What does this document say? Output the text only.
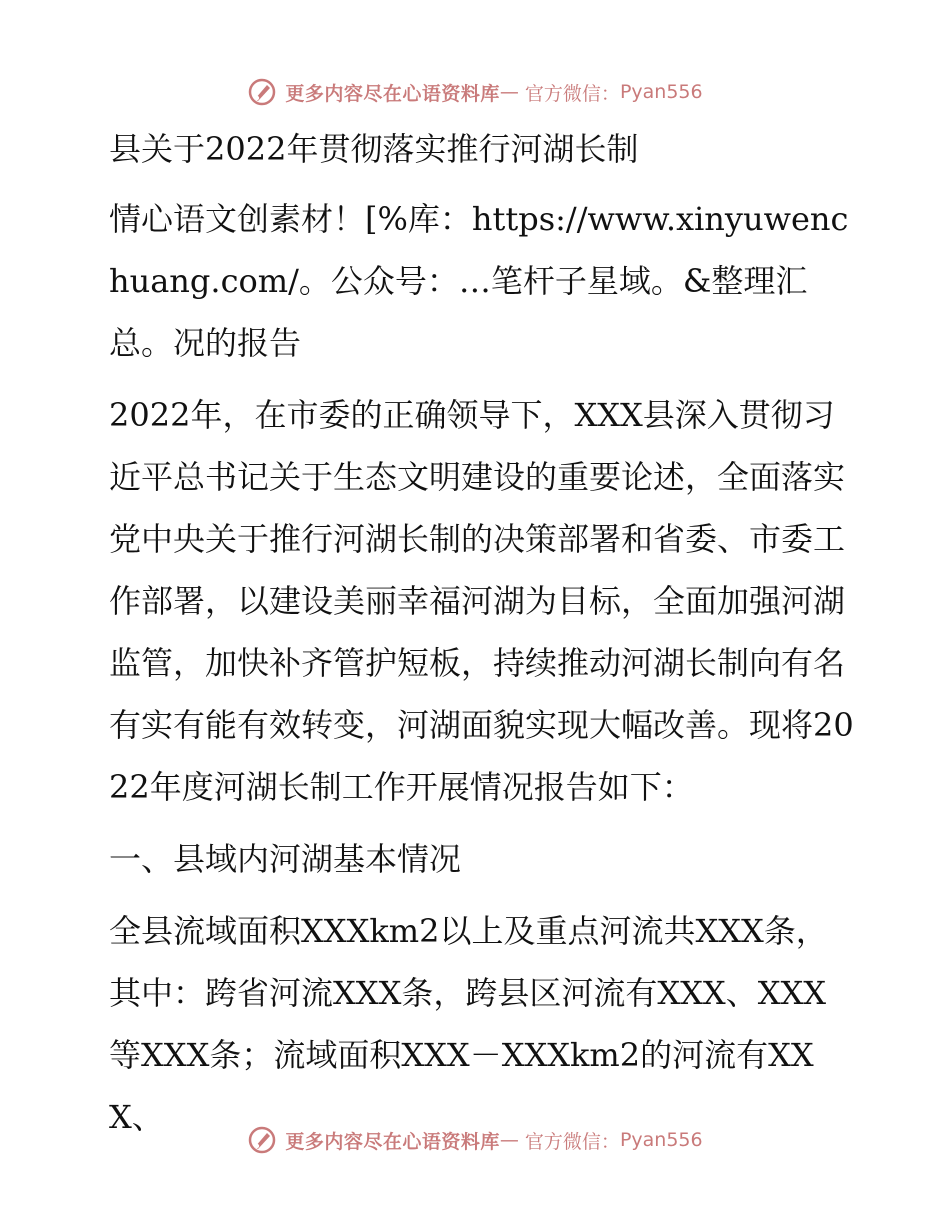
更多内容尽在心语资料库 — 官方微信： Pyan556

县关于2022年贯彻落实推行河湖长制

情心语文创素材！[%库：https://www.xinyuwenchuang.com/。公众号：…笔杆子星域。&整理汇总。况的报告

2022年，在市委的正确领导下，XXX县深入贯彻习近平总书记关于生态文明建设的重要论述，全面落实党中央关于推行河湖长制的决策部署和省委、市委工作部署，以建设美丽幸福河湖为目标，全面加强河湖监管，加快补齐管护短板，持续推动河湖长制向有名有实有能有效转变，河湖面貌实现大幅改善。现将2022年度河湖长制工作开展情况报告如下：

一、县域内河湖基本情况

全县流域面积XXXkm2以上及重点河流共XXX条，其中：跨省河流XXX条，跨县区河流有XXX、XXX等XXX条；流域面积XXX－XXXkm2的河流有XXX、

更多内容尽在心语资料库 — 官方微信： Pyan556
